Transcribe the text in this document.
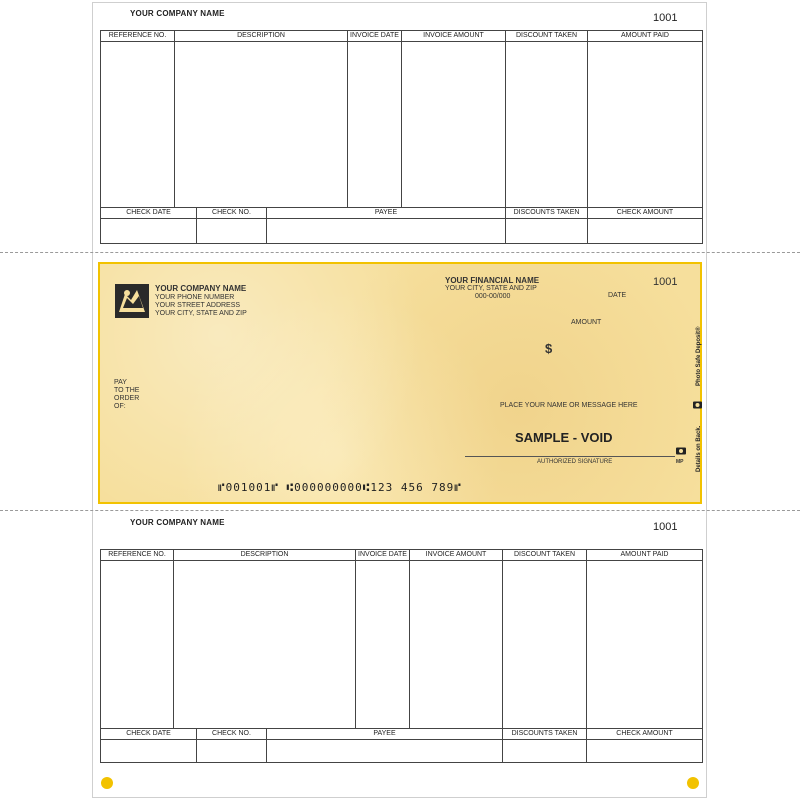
YOUR COMPANY NAME	1001
REFERENCE NO.	DESCRIPTION	INVOICE DATE	INVOICE AMOUNT	DISCOUNT TAKEN	AMOUNT PAID
CHECK DATE	CHECK NO.	PAYEE	DISCOUNTS TAKEN	CHECK AMOUNT
YOUR COMPANY NAME
YOUR PHONE NUMBER
YOUR STREET ADDRESS
YOUR CITY, STATE AND ZIP
YOUR FINANCIAL NAME
YOUR CITY, STATE AND ZIP
000-00/000
1001
DATE
AMOUNT
$
PAY
TO THE
ORDER
OF:	PLACE YOUR NAME OR MESSAGE HERE
SAMPLE - VOID
AUTHORIZED SIGNATURE
⑈001001⑈ ⑆000000000⑆123 456 789⑈
MP
Photo Safe Deposit®
Details on Back.
YOUR COMPANY NAME	1001
REFERENCE NO.	DESCRIPTION	INVOICE DATE	INVOICE AMOUNT	DISCOUNT TAKEN	AMOUNT PAID
CHECK DATE	CHECK NO.	PAYEE	DISCOUNTS TAKEN	CHECK AMOUNT
